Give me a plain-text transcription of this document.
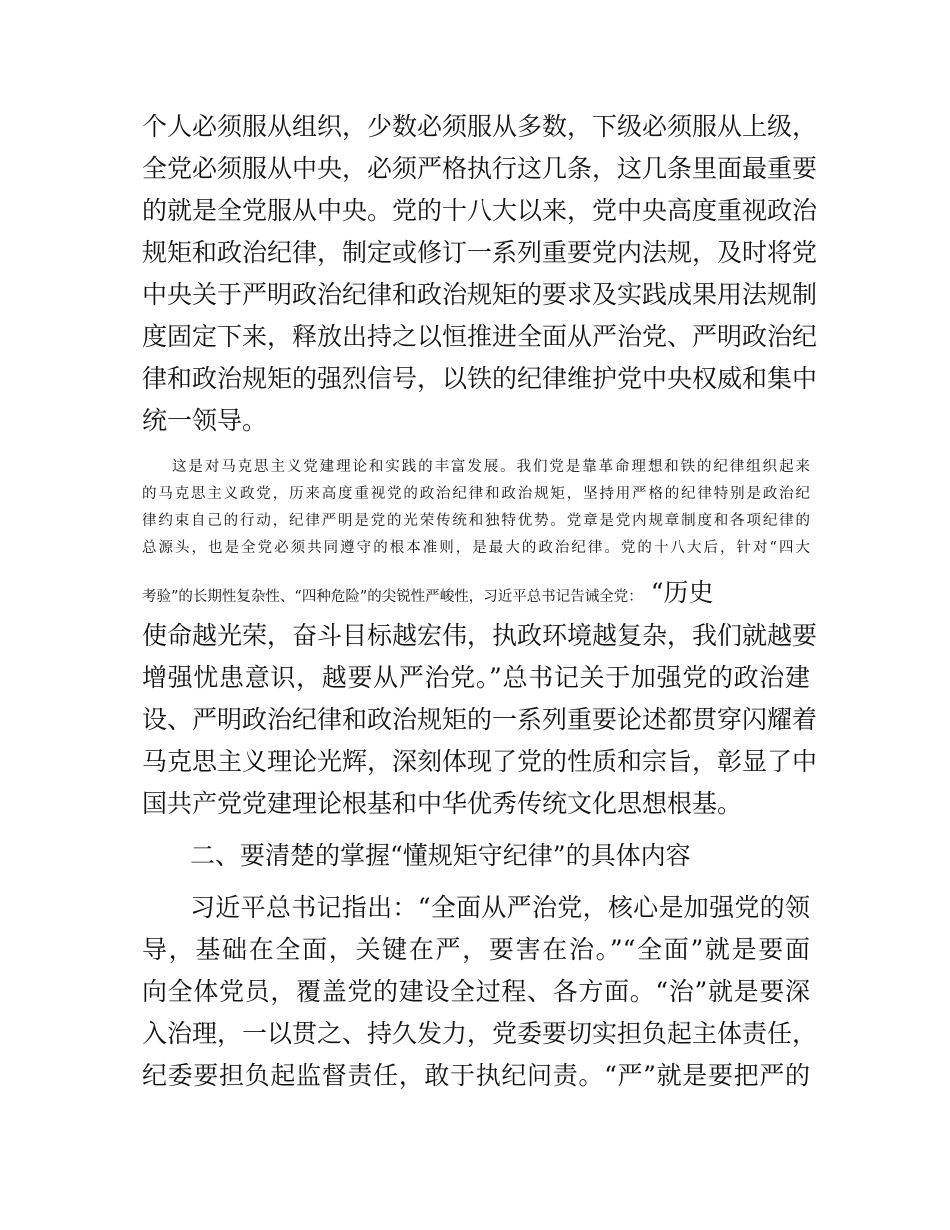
个人必须服从组织，少数必须服从多数，下级必须服从上级，
全党必须服从中央，必须严格执行这几条，这几条里面最重要
的就是全党服从中央。党的十八大以来，党中央高度重视政治
规矩和政治纪律，制定或修订一系列重要党内法规，及时将党
中央关于严明政治纪律和政治规矩的要求及实践成果用法规制
度固定下来，释放出持之以恒推进全面从严治党、严明政治纪
律和政治规矩的强烈信号，以铁的纪律维护党中央权威和集中
统一领导。
这是对马克思主义党建理论和实践的丰富发展。我们党是靠革命理想和铁的纪律组织起来
的马克思主义政党，历来高度重视党的政治纪律和政治规矩，坚持用严格的纪律特别是政治纪
律约束自己的行动，纪律严明是党的光荣传统和独特优势。党章是党内规章制度和各项纪律的
总源头，也是全党必须共同遵守的根本准则，是最大的政治纪律。党的十八大后，针对“四大
考验”的长期性复杂性、“四种危险”的尖锐性严峻性，习近平总书记告诫全党： “历史
使命越光荣，奋斗目标越宏伟，执政环境越复杂，我们就越要
增强忧患意识，越要从严治党。”总书记关于加强党的政治建
设、严明政治纪律和政治规矩的一系列重要论述都贯穿闪耀着
马克思主义理论光辉，深刻体现了党的性质和宗旨，彰显了中
国共产党党建理论根基和中华优秀传统文化思想根基。
二、要清楚的掌握“懂规矩守纪律”的具体内容
习近平总书记指出：“全面从严治党，核心是加强党的领
导，基础在全面，关键在严，要害在治。”“全面”就是要面
向全体党员，覆盖党的建设全过程、各方面。“治”就是要深
入治理，一以贯之、持久发力，党委要切实担负起主体责任，
纪委要担负起监督责任，敢于执纪问责。“严”就是要把严的
